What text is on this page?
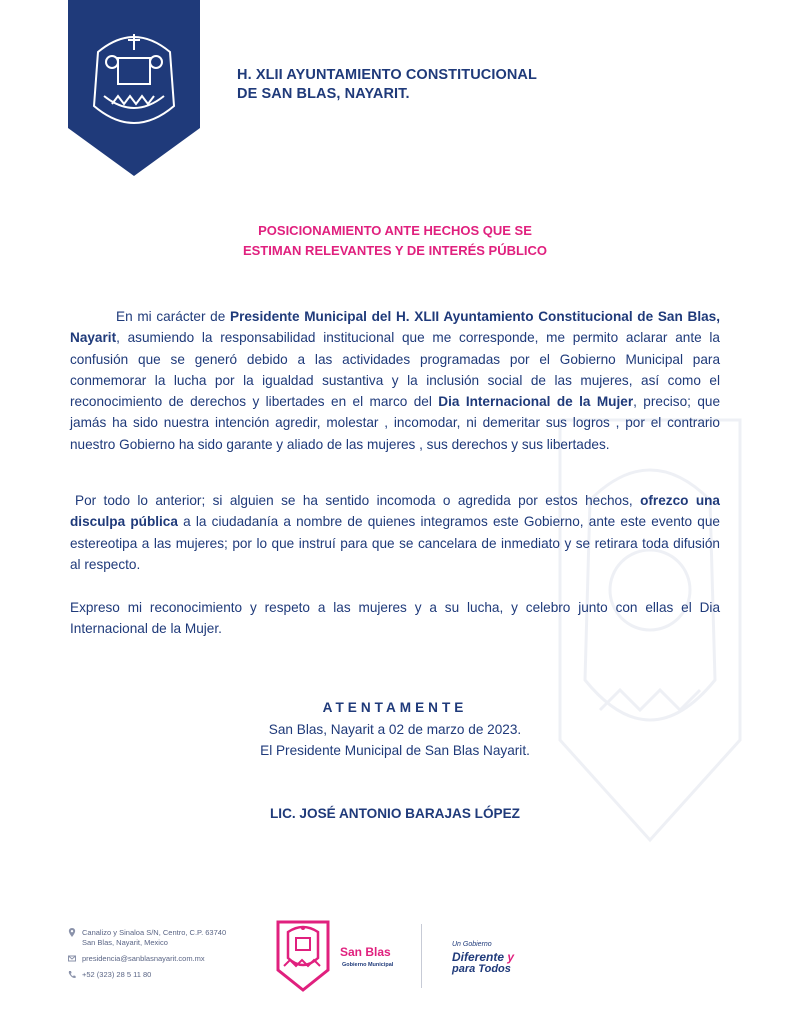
H. XLII AYUNTAMIENTO CONSTITUCIONAL
DE SAN BLAS, NAYARIT.
POSICIONAMIENTO ANTE HECHOS QUE SE
ESTIMAN RELEVANTES Y DE INTERÉS PÚBLICO

En mi carácter de Presidente Municipal del H. XLII Ayuntamiento Constitucional de San Blas, Nayarit, asumiendo la responsabilidad institucional que me corresponde, me permito aclarar ante la confusión que se generó debido a las actividades programadas por el Gobierno Municipal para conmemorar la lucha por la igualdad sustantiva y la inclusión social de las mujeres, así como el reconocimiento de derechos y libertades en el marco del Dia Internacional de la Mujer, preciso; que jamás ha sido nuestra intención agredir, molestar , incomodar, ni demeritar sus logros , por el contrario nuestro Gobierno ha sido garante y aliado de las mujeres , sus derechos y sus libertades.

Por todo lo anterior; si alguien se ha sentido incomoda o agredida por estos hechos, ofrezco una disculpa pública a la ciudadanía a nombre de quienes integramos este Gobierno, ante este evento que estereotipa a las mujeres; por lo que instruí para que se cancelara de inmediato y se retirara toda difusión al respecto.

Expreso mi reconocimiento y respeto a las mujeres y a su lucha, y celebro junto con ellas el Dia Internacional de la Mujer.

ATENTAMENTE
San Blas, Nayarit a 02 de marzo de 2023.
El Presidente Municipal de San Blas Nayarit.
LIC. JOSÉ ANTONIO BARAJAS LÓPEZ
Canalizo y Sinaloa S/N, Centro, C.P. 63740
San Blas, Nayarit, Mexico
presidencia@sanblasnayarit.com.mx
+52 (323) 28 5 11 80
San Blas
Gobierno Municipal
Un Gobierno
Diferente y
para Todos
